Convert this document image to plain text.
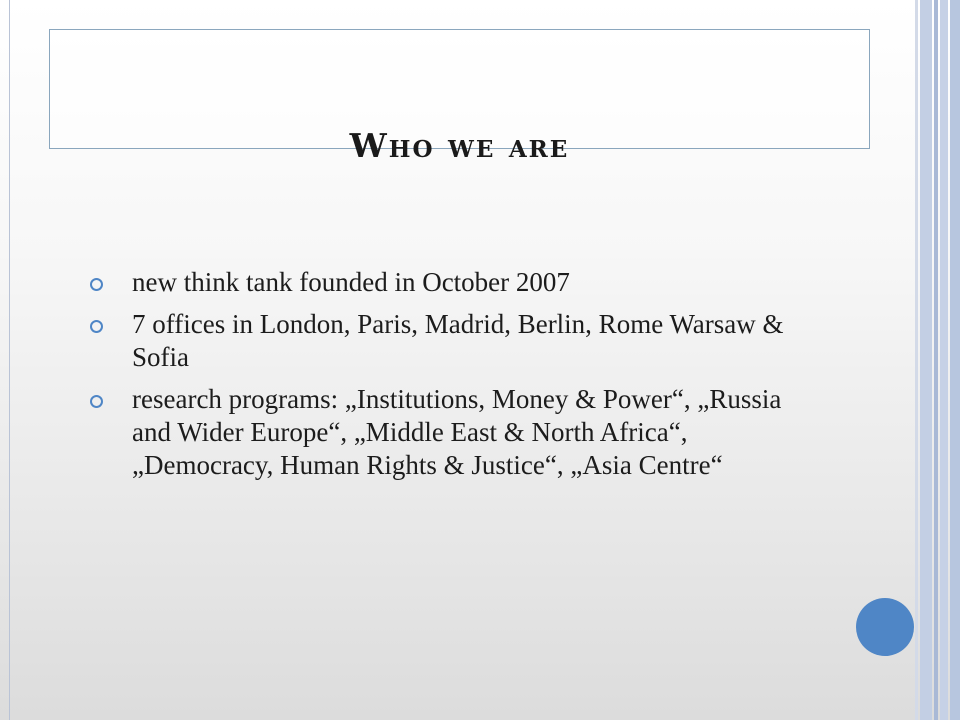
Who we are
new think tank founded in October 2007
7 offices in London, Paris, Madrid, Berlin, Rome Warsaw & Sofia
research programs: „Institutions, Money & Power“, „Russia and Wider Europe“, „Middle East & North Africa“, „Democracy, Human Rights & Justice“, „Asia Centre“
